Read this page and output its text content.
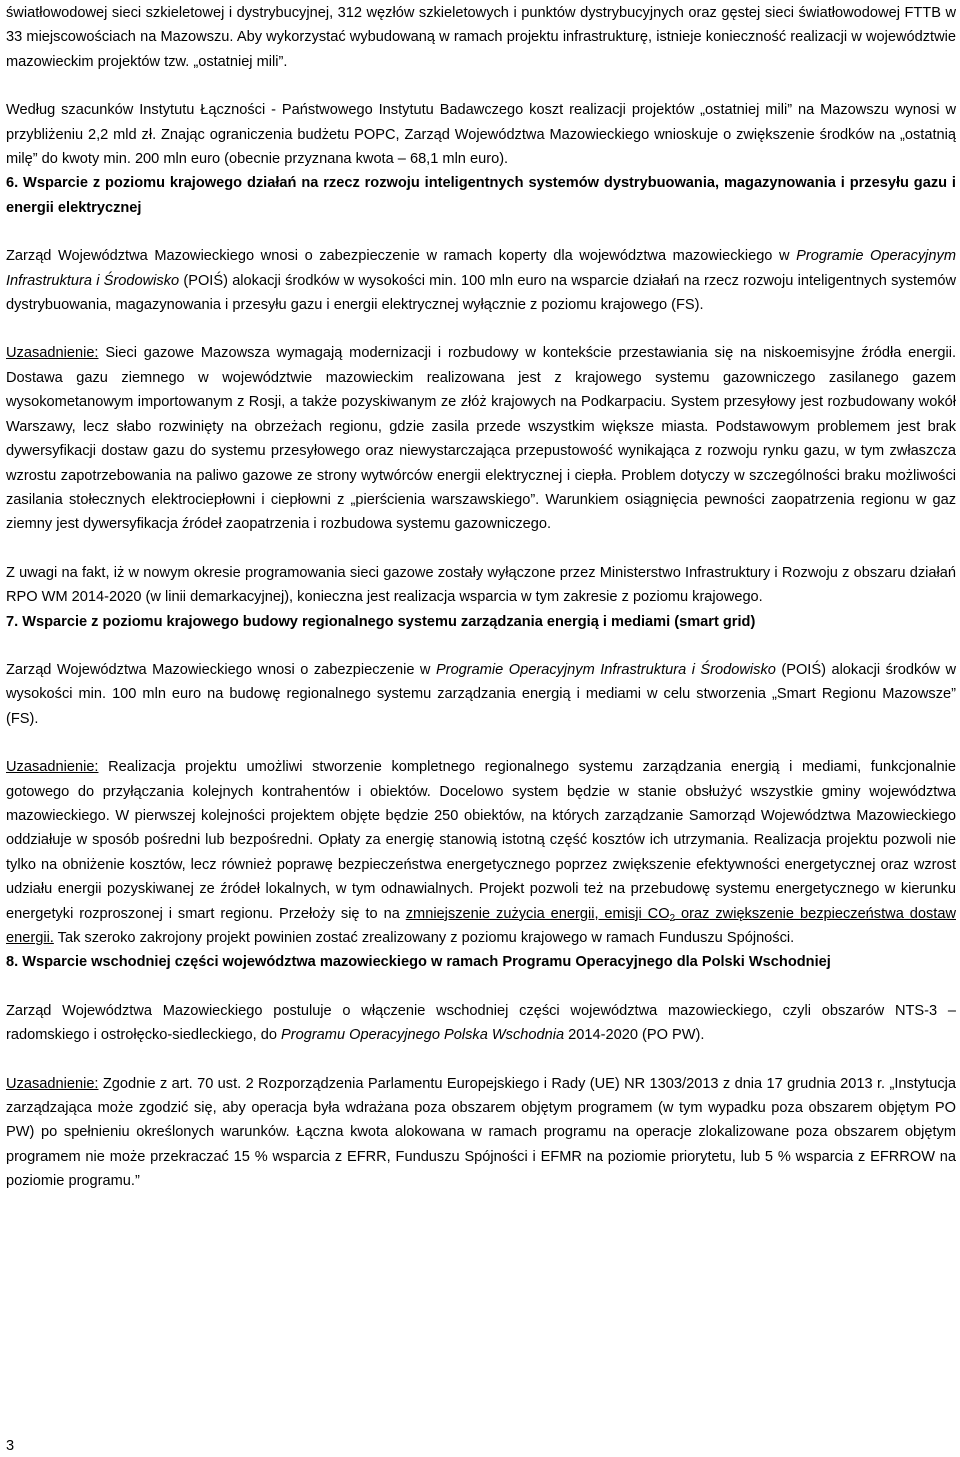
światłowodowej sieci szkieletowej i dystrybucyjnej, 312 węzłów szkieletowych i punktów dystrybucyjnych oraz gęstej sieci światłowodowej FTTB w 33 miejscowościach na Mazowszu. Aby wykorzystać wybudowaną w ramach projektu infrastrukturę, istnieje konieczność realizacji w województwie mazowieckim projektów tzw. „ostatniej mili”.

Według szacunków Instytutu Łączności - Państwowego Instytutu Badawczego koszt realizacji projektów „ostatniej mili” na Mazowszu wynosi w przybliżeniu 2,2 mld zł. Znając ograniczenia budżetu POPC, Zarząd Województwa Mazowieckiego wnioskuje o zwiększenie środków na „ostatnią milę” do kwoty min. 200 mln euro (obecnie przyznana kwota – 68,1 mln euro).

6. Wsparcie z poziomu krajowego działań na rzecz rozwoju inteligentnych systemów dystrybuowania, magazynowania i przesyłu gazu i energii elektrycznej

Zarząd Województwa Mazowieckiego wnosi o zabezpieczenie w ramach koperty dla województwa mazowieckiego w Programie Operacyjnym Infrastruktura i Środowisko (POIŚ) alokacji środków w wysokości min. 100 mln euro na wsparcie działań na rzecz rozwoju inteligentnych systemów dystrybuowania, magazynowania i przesyłu gazu i energii elektrycznej wyłącznie z poziomu krajowego (FS).

Uzasadnienie: Sieci gazowe Mazowsza wymagają modernizacji i rozbudowy w kontekście przestawiania się na niskoemisyjne źródła energii. Dostawa gazu ziemnego w województwie mazowieckim realizowana jest z krajowego systemu gazowniczego zasilanego gazem wysokometanowym importowanym z Rosji, a także pozyskiwanym ze złóż krajowych na Podkarpaciu. System przesyłowy jest rozbudowany wokół Warszawy, lecz słabo rozwinięty na obrzeżach regionu, gdzie zasila przede wszystkim większe miasta. Podstawowym problemem jest brak dywersyfikacji dostaw gazu do systemu przesyłowego oraz niewystarczająca przepustowość wynikająca z rozwoju rynku gazu, w tym zwłaszcza wzrostu zapotrzebowania na paliwo gazowe ze strony wytwórców energii elektrycznej i ciepła. Problem dotyczy w szczególności braku możliwości zasilania stołecznych elektrociepłowni i ciepłowni z „pierścienia warszawskiego”. Warunkiem osiągnięcia pewności zaopatrzenia regionu w gaz ziemny jest dywersyfikacja źródeł zaopatrzenia i rozbudowa systemu gazowniczego.

Z uwagi na fakt, iż w nowym okresie programowania sieci gazowe zostały wyłączone przez Ministerstwo Infrastruktury i Rozwoju z obszaru działań RPO WM 2014-2020 (w linii demarkacyjnej), konieczna jest realizacja wsparcia w tym zakresie z poziomu krajowego.

7. Wsparcie z poziomu krajowego budowy regionalnego systemu zarządzania energią i mediami (smart grid)

Zarząd Województwa Mazowieckiego wnosi o zabezpieczenie w Programie Operacyjnym Infrastruktura i Środowisko (POIŚ) alokacji środków w wysokości min. 100 mln euro na budowę regionalnego systemu zarządzania energią i mediami w celu stworzenia „Smart Regionu Mazowsze” (FS).

Uzasadnienie: Realizacja projektu umożliwi stworzenie kompletnego regionalnego systemu zarządzania energią i mediami, funkcjonalnie gotowego do przyłączania kolejnych kontrahentów i obiektów. Docelowo system będzie w stanie obsłużyć wszystkie gminy województwa mazowieckiego. W pierwszej kolejności projektem objęte będzie 250 obiektów, na których zarządzanie Samorząd Województwa Mazowieckiego oddziałuje w sposób pośredni lub bezpośredni. Opłaty za energię stanowią istotną część kosztów ich utrzymania. Realizacja projektu pozwoli nie tylko na obniżenie kosztów, lecz również poprawę bezpieczeństwa energetycznego poprzez zwiększenie efektywności energetycznej oraz wzrost udziału energii pozyskiwanej ze źródeł lokalnych, w tym odnawialnych. Projekt pozwoli też na przebudowę systemu energetycznego w kierunku energetyki rozproszonej i smart regionu. Przełoży się to na zmniejszenie zużycia energii, emisji $CO_2$ oraz zwiększenie bezpieczeństwa dostaw energii. Tak szeroko zakrojony projekt powinien zostać zrealizowany z poziomu krajowego w ramach Funduszu Spójności.

8. Wsparcie wschodniej części województwa mazowieckiego w ramach Programu Operacyjnego dla Polski Wschodniej

Zarząd Województwa Mazowieckiego postuluje o włączenie wschodniej części województwa mazowieckiego, czyli obszarów NTS-3 – radomskiego i ostrołęcko-siedleckiego, do Programu Operacyjnego Polska Wschodnia 2014-2020 (PO PW).

Uzasadnienie: Zgodnie z art. 70 ust. 2 Rozporządzenia Parlamentu Europejskiego i Rady (UE) NR 1303/2013 z dnia 17 grudnia 2013 r. „Instytucja zarządzająca może zgodzić się, aby operacja była wdrażana poza obszarem objętym programem (w tym wypadku poza obszarem objętym PO PW) po spełnieniu określonych warunków. Łączna kwota alokowana w ramach programu na operacje zlokalizowane poza obszarem objętym programem nie może przekraczać 15 % wsparcia z EFRR, Funduszu Spójności i EFMR na poziomie priorytetu, lub 5 % wsparcia z EFRROW na poziomie programu.”

3
